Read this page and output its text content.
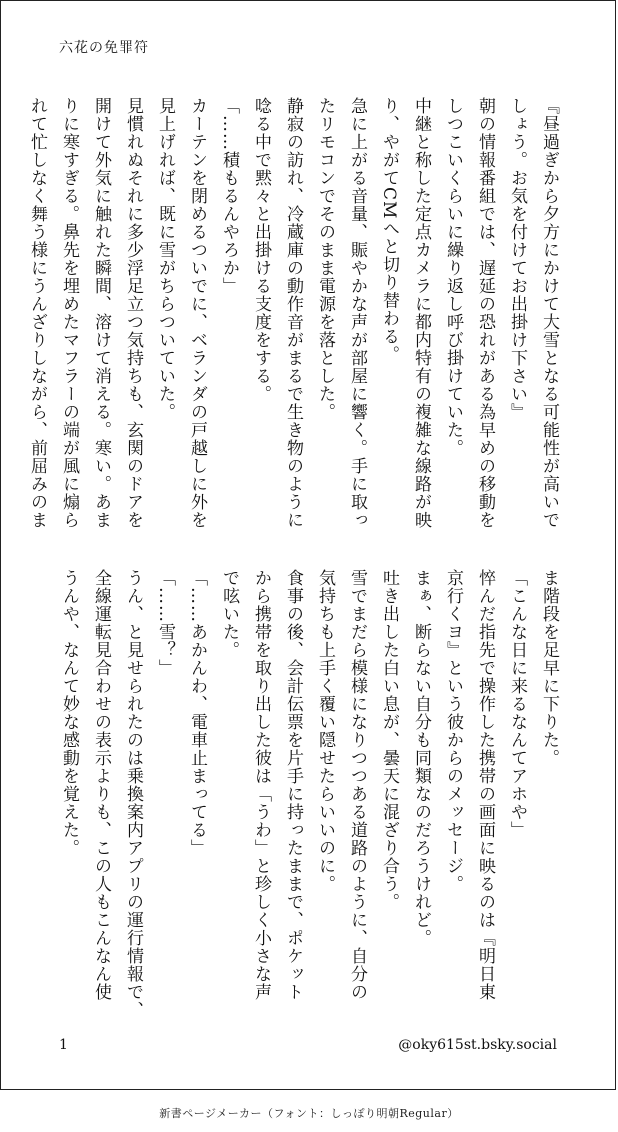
六花の免罪符

『昼過ぎから夕方にかけて大雪となる可能性が高いで

しょう。お気を付けてお出掛け下さい』

朝の情報番組では、遅延の恐れがある為早めの移動を

しつこいくらいに繰り返し呼び掛けていた。

中継と称した定点カメラに都内特有の複雑な線路が映

り、やがてCMへと切り替わる。

急に上がる音量、賑やかな声が部屋に響く。手に取っ

たリモコンでそのまま電源を落とした。

静寂の訪れ、冷蔵庫の動作音がまるで生き物のように

唸る中で黙々と出掛ける支度をする。

「……積もるんやろか」

カーテンを閉めるついでに、ベランダの戸越しに外を

見上げれば、既に雪がちらついていた。

見慣れぬそれに多少浮足立つ気持ちも、玄関のドアを

開けて外気に触れた瞬間、溶けて消える。寒い。あま

りに寒すぎる。鼻先を埋めたマフラーの端が風に煽ら

れて忙しなく舞う様にうんざりしながら、前屈みのま

ま階段を足早に下りた。

「こんな日に来るなんてアホや」

悴んだ指先で操作した携帯の画面に映るのは『明日東

京行くヨ』という彼からのメッセージ。

まぁ、断らない自分も同類なのだろうけれど。

吐き出した白い息が、曇天に混ざり合う。

雪でまだら模様になりつつある道路のように、自分の

気持ちも上手く覆い隠せたらいいのに。

食事の後、会計伝票を片手に持ったままで、ポケット

から携帯を取り出した彼は「うわ」と珍しく小さな声

で呟いた。

「……あかんわ、電車止まってる」

「……雪？」

うん、と見せられたのは乗換案内アプリの運行情報で、

全線運転見合わせの表示よりも、この人もこんなん使

うんや、なんて妙な感動を覚えた。

1	@oky615st.bsky.social
新書ページメーカー（フォント：しっぽり明朝Regular）
